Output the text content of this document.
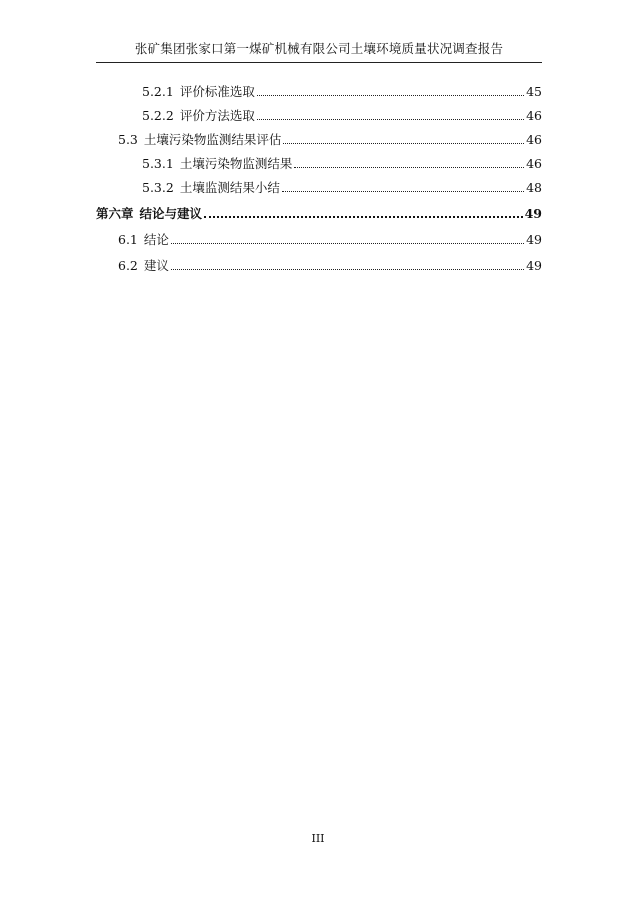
张矿集团张家口第一煤矿机械有限公司土壤环境质量状况调查报告
5.2.1 评价标准选取	45
5.2.2 评价方法选取	46
5.3 土壤污染物监测结果评估	46
5.3.1 土壤污染物监测结果	46
5.3.2 土壤监测结果小结	48
第六章 结论与建议	49
6.1 结论	49
6.2 建议	49
III
